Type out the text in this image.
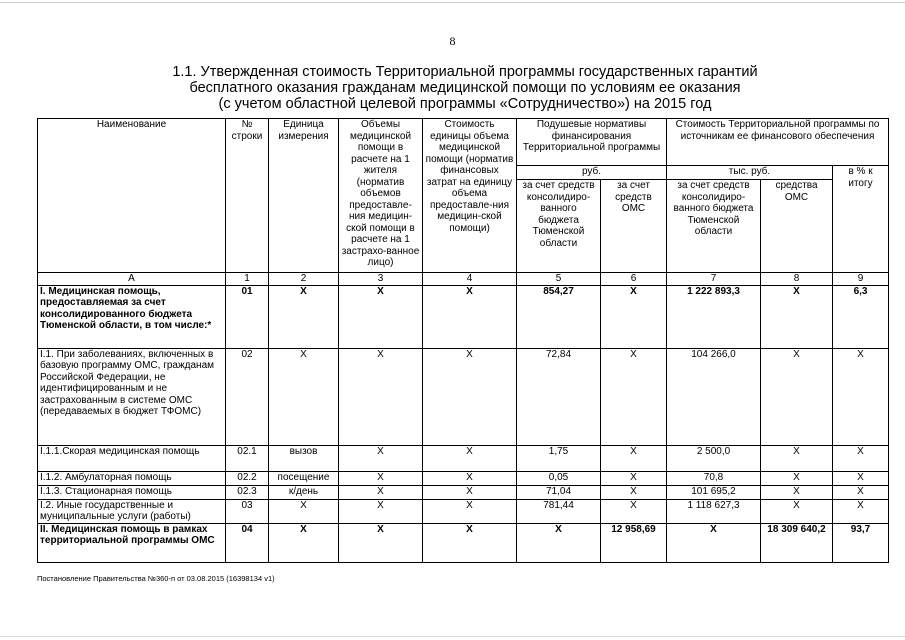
8
1.1. Утвержденная стоимость Территориальной программы государственных гарантий
бесплатного оказания гражданам медицинской помощи по условиям ее оказания
(с учетом областной целевой программы «Сотрудничество») на 2015 год
Наименование	№ строки	Единица измерения	Объемы медицинской помощи в расчете на 1 жителя (норматив объемов предоставле-ния медицин-ской помощи в расчете на 1 застрахо-ванное лицо)	Стоимость единицы объема медицинской помощи (норматив финансовых затрат на единицу объема предоставле-ния медицин-ской помощи)	Подушевые нормативы финансирования Территориальной программы		Стоимость Территориальной программы по источникам ее финансового обеспечения		
					руб.		тыс. руб.		в % к итогу
					за счет средств консолидиро-ванного бюджета Тюменской области	за счет средств ОМС	за счет средств консолидиро-ванного бюджета Тюменской области	средства ОМС	
А	1	2	3	4	5	6	7	8	9
I. Медицинская помощь, предоставляемая за счет консолидированного бюджета Тюменской области, в том числе:*	01	X	X	X	854,27	X	1 222 893,3	X	6,3
I.1. При заболеваниях, включенных в базовую программу ОМС, гражданам Российской Федерации, не идентифицированным и не застрахованным в системе ОМС (передаваемых в бюджет ТФОМС)	02	X	X	X	72,84	X	104 266,0	X	X
I.1.1.Скорая медицинская помощь	02.1	вызов	X	X	1,75	X	2 500,0	X	X
I.1.2. Амбулаторная помощь	02.2	посещение	X	X	0,05	X	70,8	X	X
I.1.3. Стационарная помощь	02.3	к/день	X	X	71,04	X	101 695,2	X	X
I.2. Иные государственные и муниципальные услуги (работы)	03	X	X	X	781,44	X	1 118 627,3	X	X
II. Медицинская помощь в рамках территориальной программы ОМС	04	X	X	X	X	12 958,69	X	18 309 640,2	93,7
Постановление Правительства №360-п от 03.08.2015 (16398134 v1)
